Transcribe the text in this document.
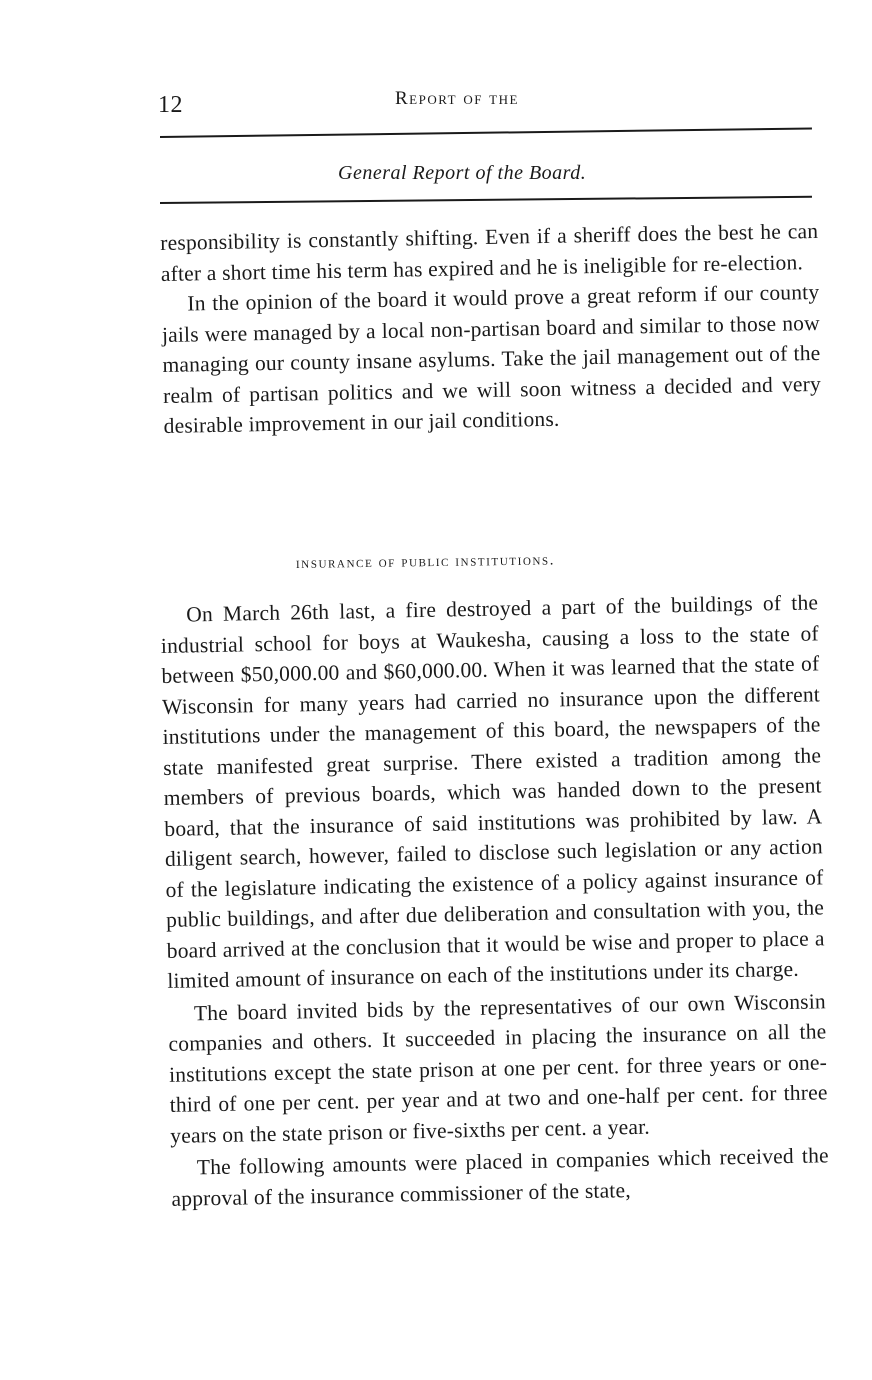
12	Report of the
General Report of the Board.

responsibility is constantly shifting. Even if a sheriff does the best he can after a short time his term has expired and he is ineligible for re-election.

In the opinion of the board it would prove a great reform if our county jails were managed by a local non-partisan board and similar to those now managing our county insane asylums. Take the jail management out of the realm of partisan politics and we will soon witness a decided and very desirable improvement in our jail conditions.

insurance of public institutions.

On March 26th last, a fire destroyed a part of the buildings of the industrial school for boys at Waukesha, causing a loss to the state of between $50,000.00 and $60,000.00. When it was learned that the state of Wisconsin for many years had carried no insurance upon the different institutions under the management of this board, the newspapers of the state manifested great surprise. There existed a tradition among the members of previous boards, which was handed down to the present board, that the insurance of said institutions was prohibited by law. A diligent search, however, failed to disclose such legislation or any action of the legislature indicating the existence of a policy against insurance of public buildings, and after due deliberation and consultation with you, the board arrived at the conclusion that it would be wise and proper to place a limited amount of insurance on each of the institutions under its charge.

The board invited bids by the representatives of our own Wisconsin companies and others. It succeeded in placing the insurance on all the institutions except the state prison at one per cent. for three years or one-third of one per cent. per year and at two and one-half per cent. for three years on the state prison or five-sixths per cent. a year.

The following amounts were placed in companies which received the approval of the insurance commissioner of the state,
